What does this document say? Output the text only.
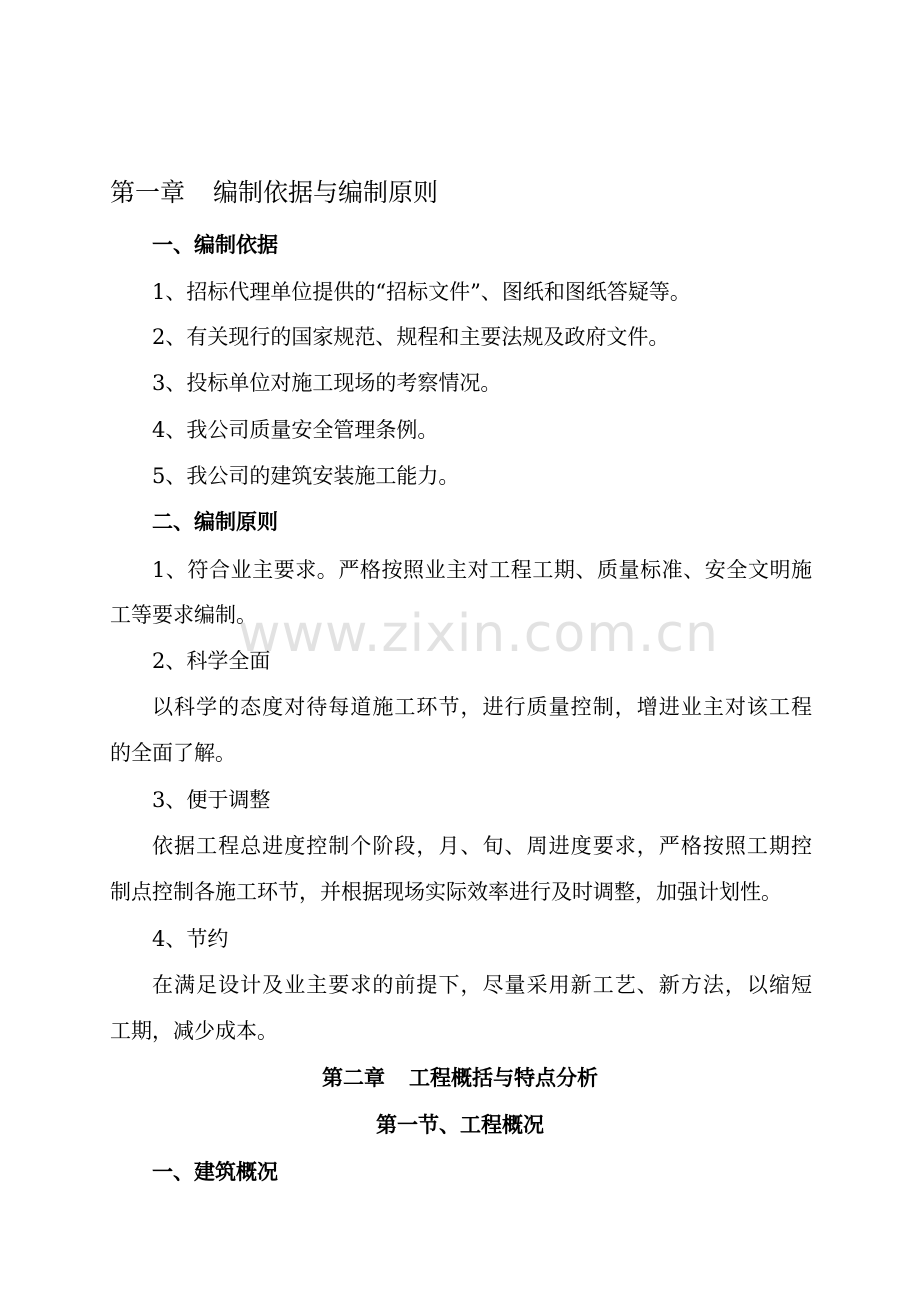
第一章 编制依据与编制原则
一、编制依据
1、招标代理单位提供的“招标文件”、图纸和图纸答疑等。
2、有关现行的国家规范、规程和主要法规及政府文件。
3、投标单位对施工现场的考察情况。
4、我公司质量安全管理条例。
5、我公司的建筑安装施工能力。
二、编制原则
1、符合业主要求。严格按照业主对工程工期、质量标准、安全文明施
工等要求编制。
2、科学全面
以科学的态度对待每道施工环节，进行质量控制，增进业主对该工程
的全面了解。
3、便于调整
依据工程总进度控制个阶段，月、旬、周进度要求，严格按照工期控
制点控制各施工环节，并根据现场实际效率进行及时调整，加强计划性。
4、节约
在满足设计及业主要求的前提下，尽量采用新工艺、新方法，以缩短
工期，减少成本。
第二章 工程概括与特点分析
第一节、工程概况
一、建筑概况
www.zixin.com.cn
